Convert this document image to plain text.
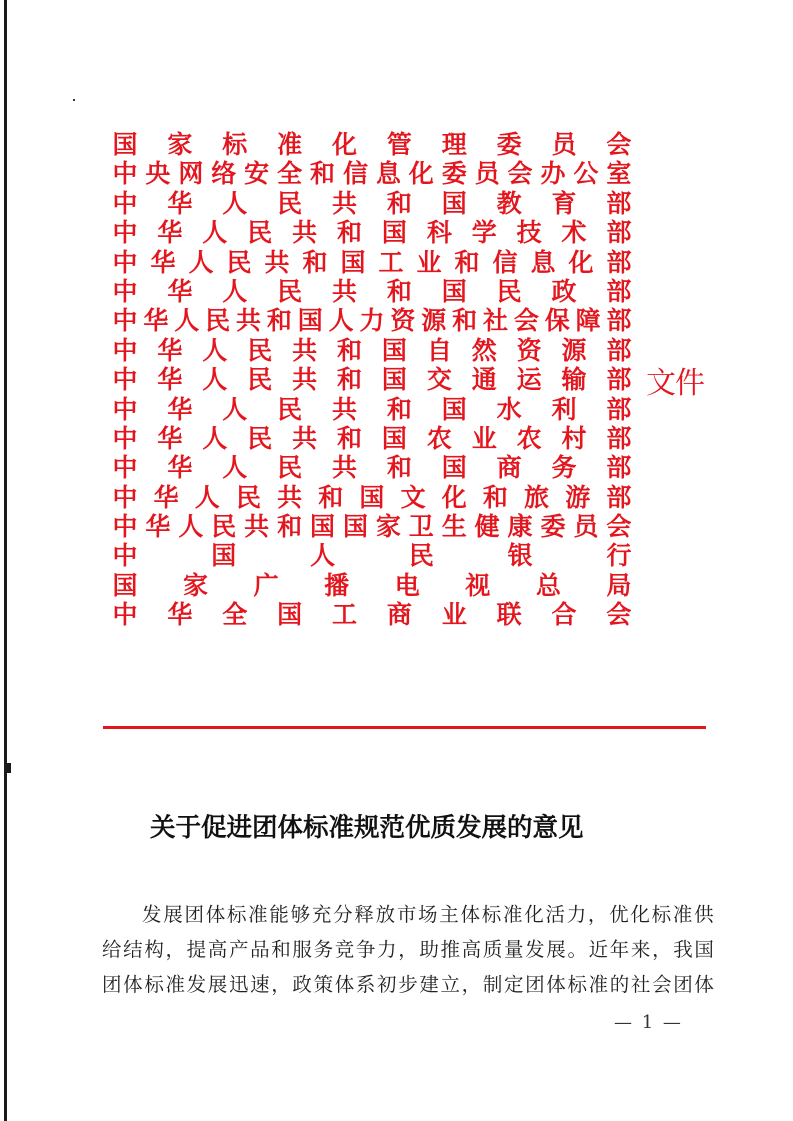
国 家 标 准 化 管 理 委 员 会
中 央 网 络 安 全 和 信 息 化 委 员 会 办 公 室
中 华 人 民 共 和 国 教 育 部
中 华 人 民 共 和 国 科 学 技 术 部
中 华 人 民 共 和 国 工 业 和 信 息 化 部
中 华 人 民 共 和 国 民 政 部
中 华 人 民 共 和 国 人 力 资 源 和 社 会 保 障 部
中 华 人 民 共 和 国 自 然 资 源 部
中 华 人 民 共 和 国 交 通 运 输 部
中 华 人 民 共 和 国 水 利 部
中 华 人 民 共 和 国 农 业 农 村 部
中 华 人 民 共 和 国 商 务 部
中 华 人 民 共 和 国 文 化 和 旅 游 部
中 华 人 民 共 和 国 国 家 卫 生 健 康 委 员 会
中	国	人	民	银	行
国 家 广 播 电 视 总 局
中 华 全 国 工 商 业 联 合 会
文件
关于促进团体标准规范优质发展的意见
发 展 团 体 标 准 能 够 充 分 释 放 市 场 主 体 标 准 化 活 力 ， 优 化 标 准 供
给 结 构 ， 提 高 产 品 和 服 务 竞 争 力 ， 助 推 高 质 量 发 展 。 近 年 来 ， 我 国
团 体 标 准 发 展 迅 速 ， 政 策 体 系 初 步 建 立 ， 制 定 团 体 标 准 的 社 会 团 体
— 1 —
